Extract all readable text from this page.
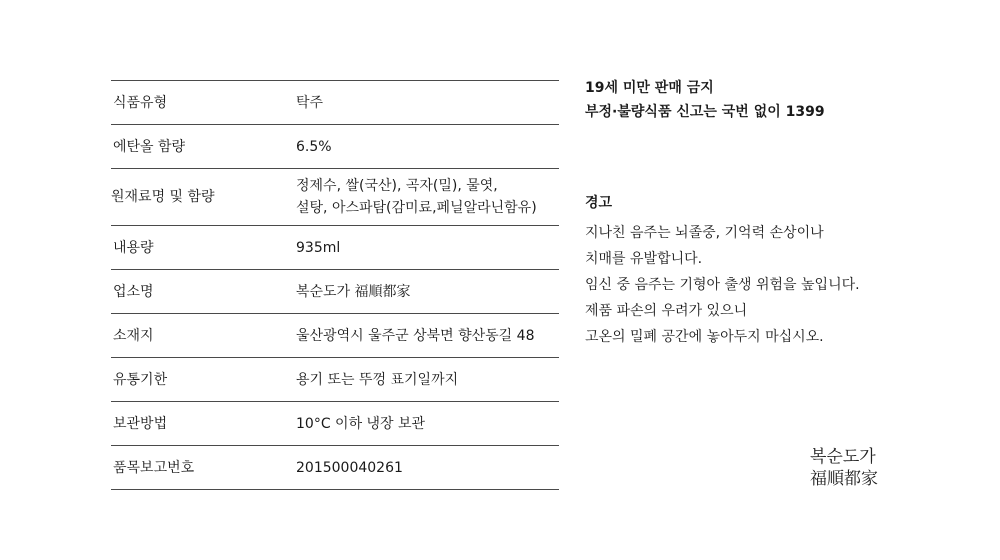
식품유형	탁주
에탄올 함량	6.5%
원재료명 및 함량	정제수, 쌀(국산), 곡자(밀), 물엿,
설탕, 아스파탐(감미료,페닐알라닌함유)

내용량	935ml
업소명	복순도가 福順都家
소재지	울산광역시 울주군 상북면 향산동길 48
유통기한	용기 또는 뚜껑 표기일까지
보관방법	10°C 이하 냉장 보관
품목보고번호	201500040261

19세 미만 판매 금지

부정·불량식품 신고는 국번 없이 1399

경고

지나친 음주는 뇌졸중, 기억력 손상이나

치매를 유발합니다.

임신 중 음주는 기형아 출생 위험을 높입니다.

제품 파손의 우려가 있으니

고온의 밀폐 공간에 놓아두지 마십시오.

복순도가
福順都家
